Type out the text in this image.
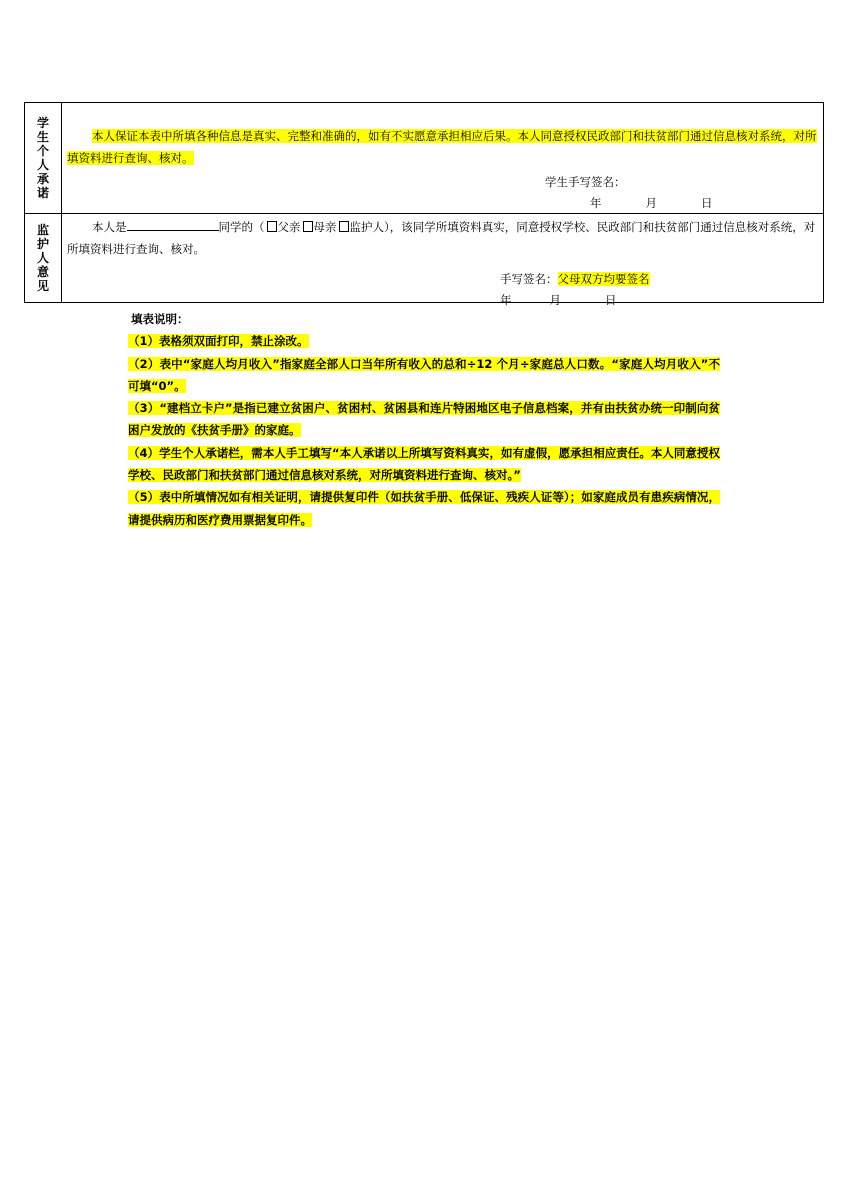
学生个人承诺	本人保证本表中所填各种信息是真实、完整和准确的，如有不实愿意承担相应后果。本人同意授权民政部门和扶贫部门通过信息核对系统，对所填资料进行查询、核对。

学生手写签名：
年 月 日

监护人意见	本人是 同学的（ 父亲 母亲 监护人），该同学所填资料真实，同意授权学校、民政部门和扶贫部门通过信息核对系统，对所填资料进行查询、核对。

手写签名：父母双方均要签名
年 月 日

填表说明：

（1）表格须双面打印，禁止涂改。

（2）表中“家庭人均月收入”指家庭全部人口当年所有收入的总和÷12 个月÷家庭总人口数。“家庭人均月收入”不可填“0”。

（3）“建档立卡户”是指已建立贫困户、贫困村、贫困县和连片特困地区电子信息档案，并有由扶贫办统一印制向贫困户发放的《扶贫手册》的家庭。

（4）学生个人承诺栏，需本人手工填写“本人承诺以上所填写资料真实，如有虚假，愿承担相应责任。本人同意授权学校、民政部门和扶贫部门通过信息核对系统，对所填资料进行查询、核对。”

（5）表中所填情况如有相关证明，请提供复印件（如扶贫手册、低保证、残疾人证等）；如家庭成员有患疾病情况，请提供病历和医疗费用票据复印件。
